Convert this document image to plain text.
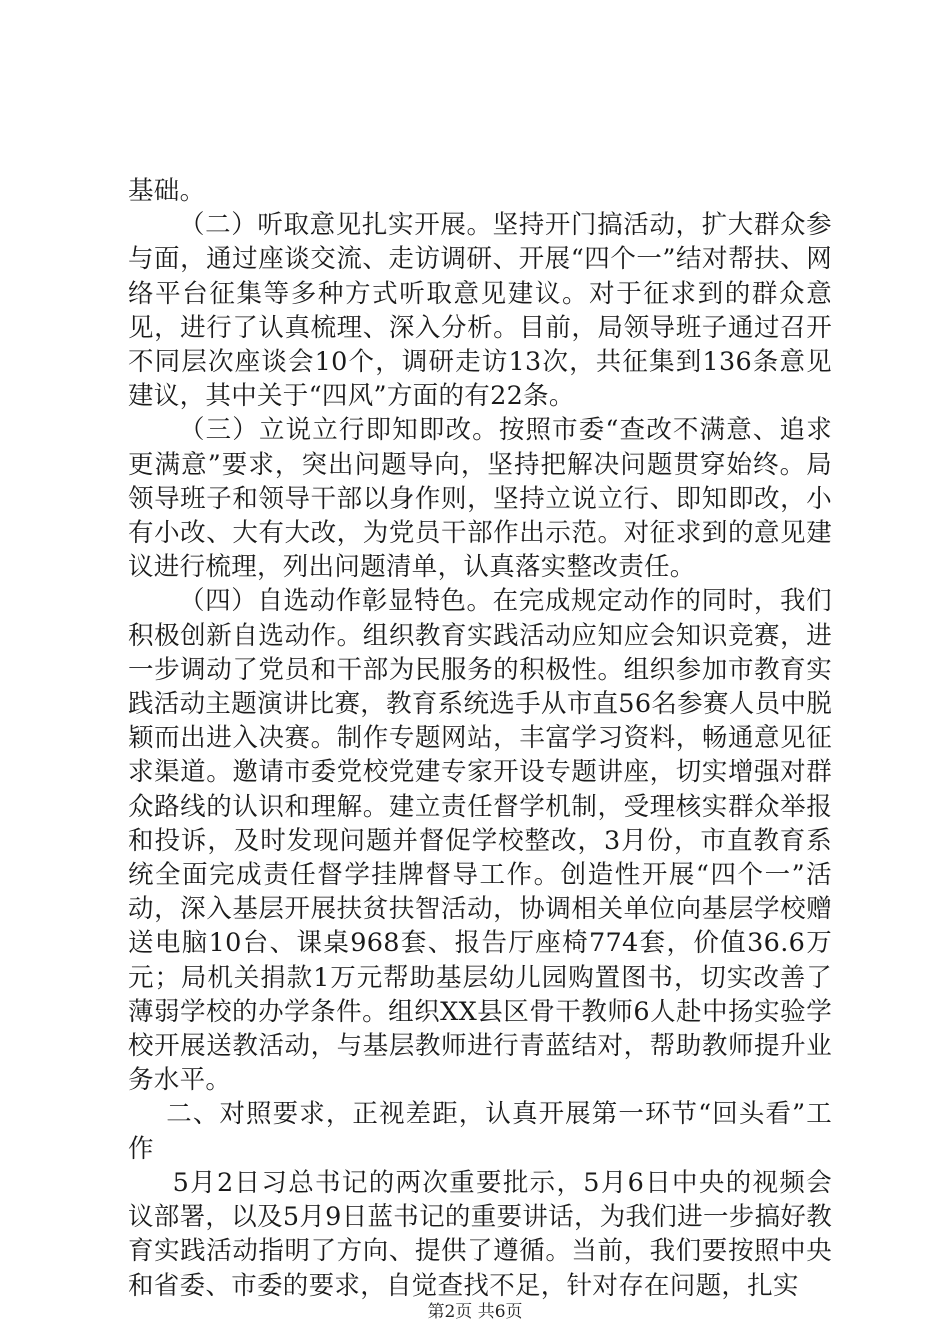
基础。

（二）听取意见扎实开展。坚持开门搞活动，扩大群众参与面，通过座谈交流、走访调研、开展“四个一”结对帮扶、网络平台征集等多种方式听取意见建议。对于征求到的群众意见，进行了认真梳理、深入分析。目前，局领导班子通过召开不同层次座谈会10个，调研走访13次，共征集到136条意见建议，其中关于“四风”方面的有22条。

（三）立说立行即知即改。按照市委“查改不满意、追求更满意”要求，突出问题导向，坚持把解决问题贯穿始终。局领导班子和领导干部以身作则，坚持立说立行、即知即改，小有小改、大有大改，为党员干部作出示范。对征求到的意见建议进行梳理，列出问题清单，认真落实整改责任。

（四）自选动作彰显特色。在完成规定动作的同时，我们积极创新自选动作。组织教育实践活动应知应会知识竞赛，进一步调动了党员和干部为民服务的积极性。组织参加市教育实践活动主题演讲比赛，教育系统选手从市直56名参赛人员中脱颖而出进入决赛。制作专题网站，丰富学习资料，畅通意见征求渠道。邀请市委党校党建专家开设专题讲座，切实增强对群众路线的认识和理解。建立责任督学机制，受理核实群众举报和投诉，及时发现问题并督促学校整改，3月份，市直教育系统全面完成责任督学挂牌督导工作。创造性开展“四个一”活动，深入基层开展扶贫扶智活动，协调相关单位向基层学校赠送电脑10台、课桌968套、报告厅座椅774套，价值36.6万元；局机关捐款1万元帮助基层幼儿园购置图书，切实改善了薄弱学校的办学条件。组织XX县区骨干教师6人赴中扬实验学校开展送教活动，与基层教师进行青蓝结对，帮助教师提升业务水平。

二、对照要求，正视差距，认真开展第一环节“回头看”工作

5月2日习总书记的两次重要批示，5月6日中央的视频会议部署，以及5月9日蓝书记的重要讲话，为我们进一步搞好教育实践活动指明了方向、提供了遵循。当前，我们要按照中央和省委、市委的要求，自觉查找不足，针对存在问题，扎实

第2页 共6页
